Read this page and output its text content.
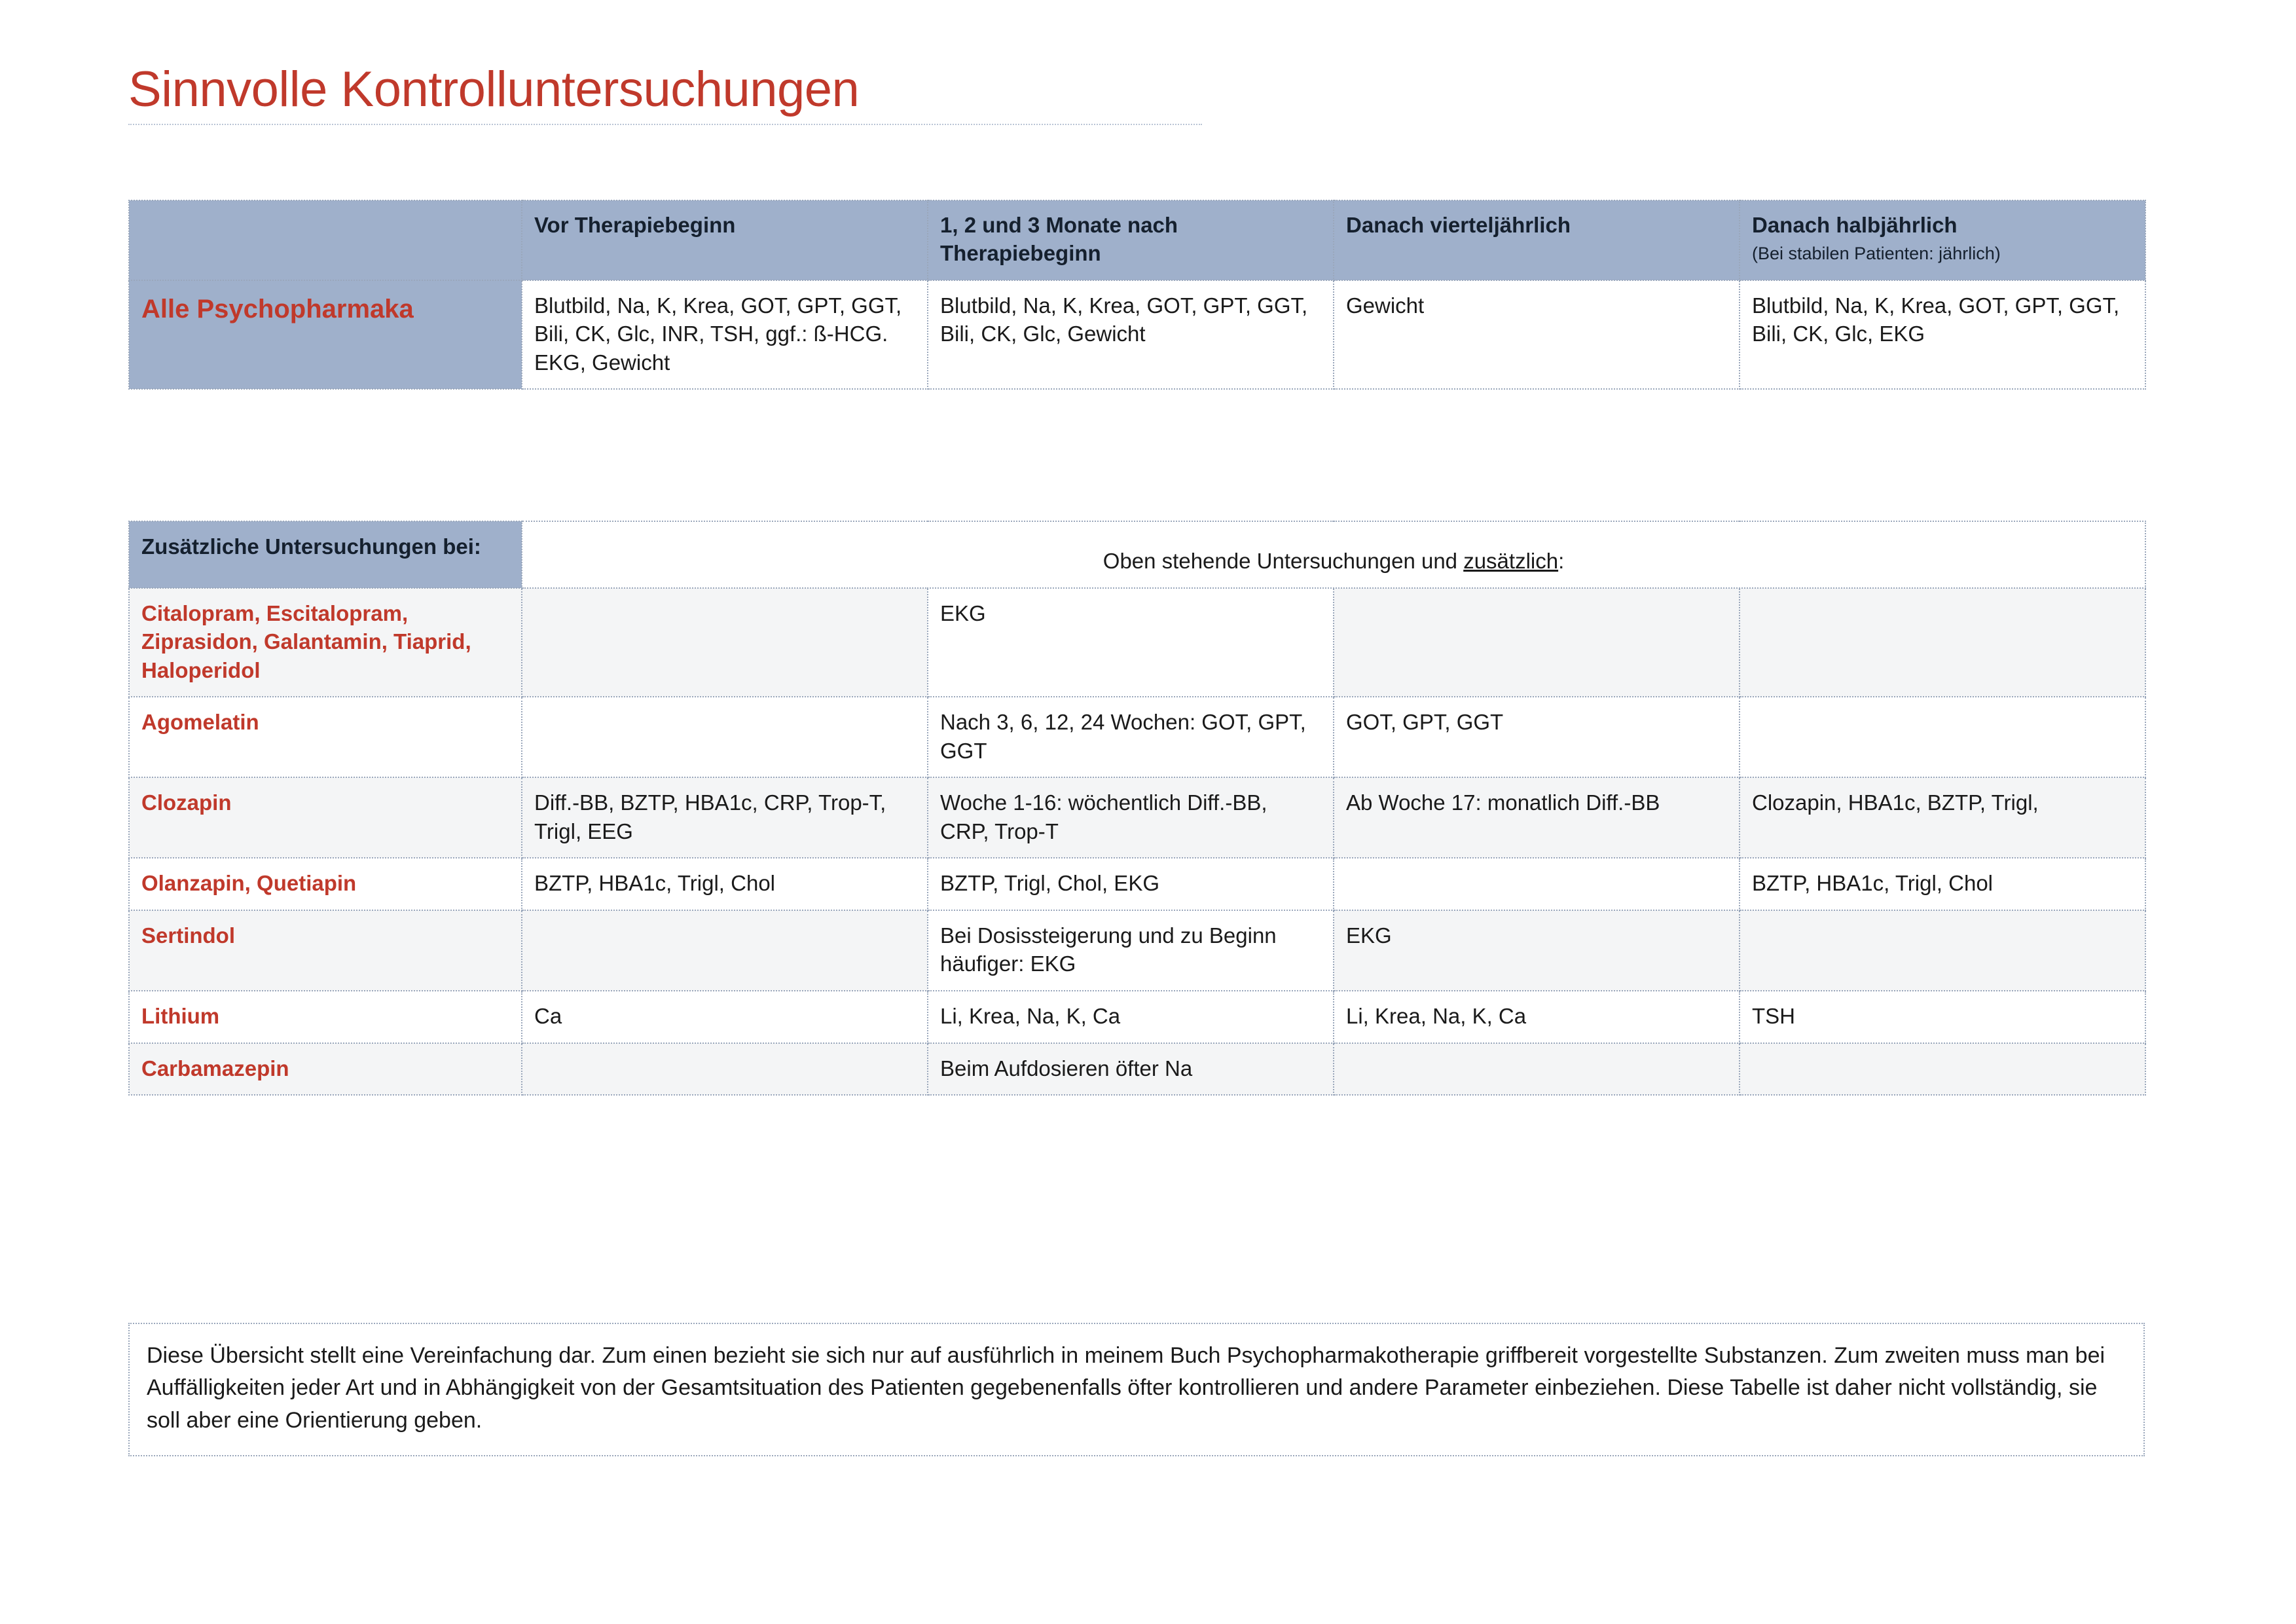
Sinnvolle Kontrolluntersuchungen
	Vor Therapiebeginn	1, 2 und 3 Monate nach Therapiebeginn	Danach vierteljährlich	Danach halbjährlich
(Bei stabilen Patienten: jährlich)

Alle Psychopharmaka	Blutbild, Na, K, Krea, GOT, GPT, GGT, Bili, CK, Glc, INR, TSH, ggf.: ß-HCG. EKG, Gewicht	Blutbild, Na, K, Krea, GOT, GPT, GGT, Bili, CK, Glc, Gewicht	Gewicht	Blutbild, Na, K, Krea, GOT, GPT, GGT, Bili, CK, Glc, EKG
Zusätzliche Untersuchungen bei:	Oben stehende Untersuchungen und zusätzlich:			
Citalopram, Escitalopram, Ziprasidon, Galantamin, Tiaprid, Haloperidol		EKG		
Agomelatin		Nach 3, 6, 12, 24 Wochen: GOT, GPT, GGT	GOT, GPT, GGT	
Clozapin	Diff.-BB, BZTP, HBA1c, CRP, Trop-T, Trigl, EEG	Woche 1-16: wöchentlich Diff.-BB, CRP, Trop-T	Ab Woche 17: monatlich Diff.-BB	Clozapin, HBA1c, BZTP, Trigl,
Olanzapin, Quetiapin	BZTP, HBA1c, Trigl, Chol	BZTP, Trigl, Chol, EKG		BZTP, HBA1c, Trigl, Chol
Sertindol		Bei Dosissteigerung und zu Beginn häufiger: EKG	EKG	
Lithium	Ca	Li, Krea, Na, K, Ca	Li, Krea, Na, K, Ca	TSH
Carbamazepin		Beim Aufdosieren öfter Na		
Diese Übersicht stellt eine Vereinfachung dar. Zum einen bezieht sie sich nur auf ausführlich in meinem Buch Psychopharmakotherapie griffbereit vorgestellte Substanzen. Zum zweiten muss man bei Auffälligkeiten jeder Art und in Abhängigkeit von der Gesamtsituation des Patienten gegebenenfalls öfter kontrollieren und andere Parameter einbeziehen. Diese Tabelle ist daher nicht vollständig, sie soll aber eine Orientierung geben.
